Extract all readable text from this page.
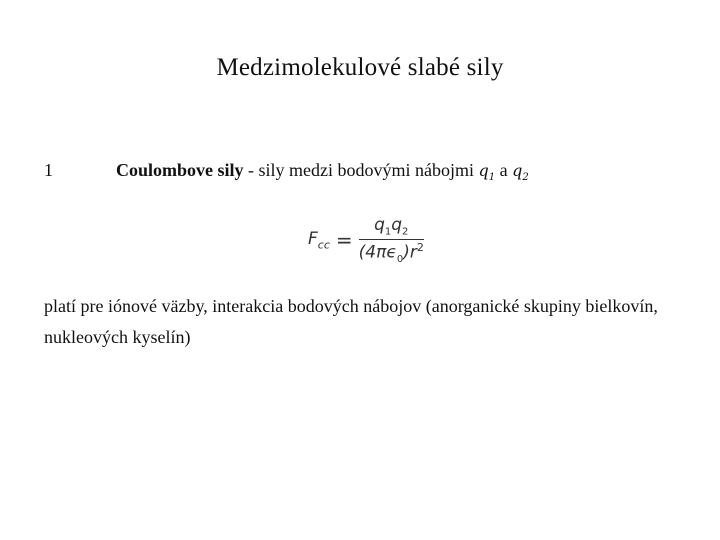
Medzimolekulové slabé sily
1	Coulombove sily - sily medzi bodovými nábojmi $q_1$ a $q_2$
$F_{cc} = \frac{q_1q_2}{(4\pi\epsilon_0)r^2}$
platí pre iónové väzby, interakcia bodových nábojov (anorganické skupiny bielkovín, nukleových kyselín)
